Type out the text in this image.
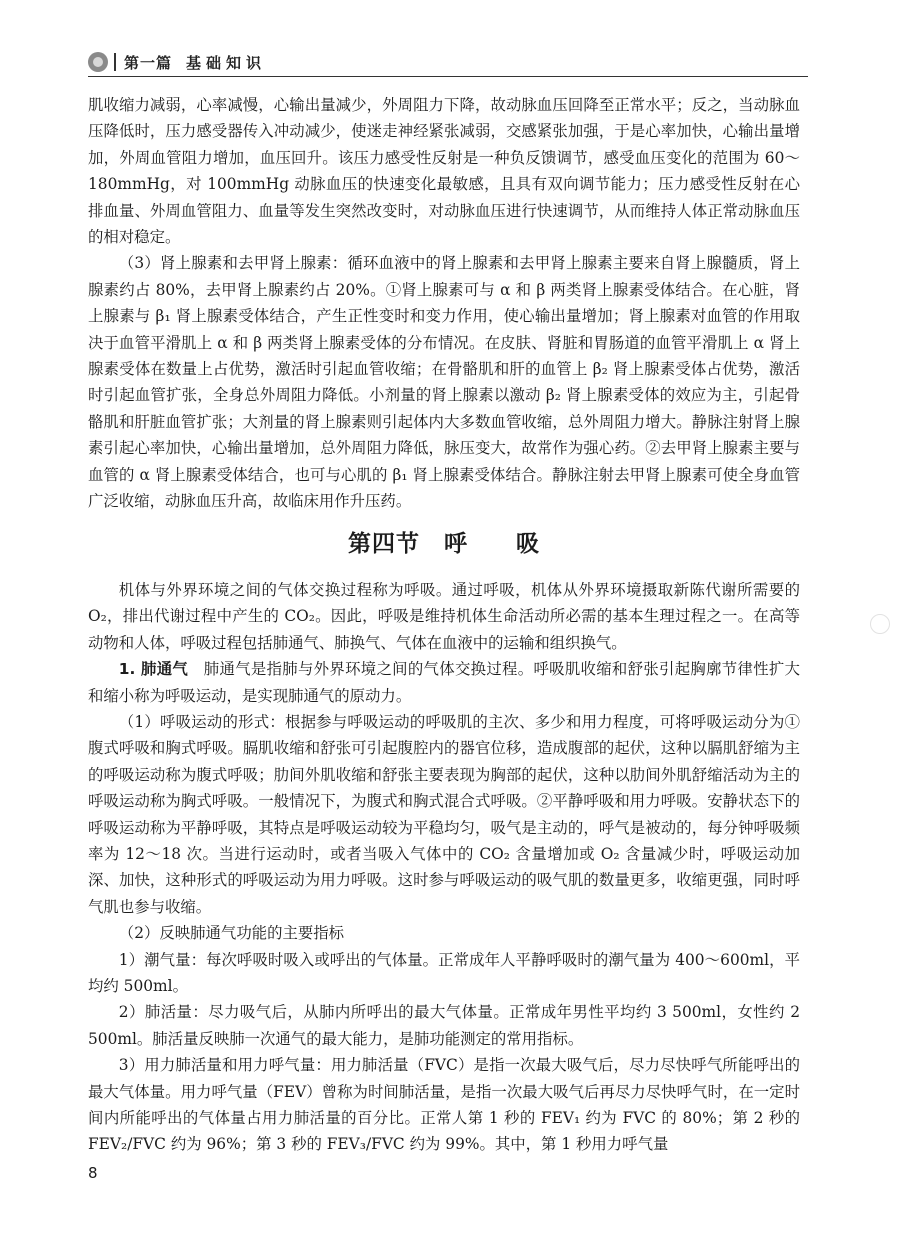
第一篇 基础知识

肌收缩力减弱，心率减慢，心输出量减少，外周阻力下降，故动脉血压回降至正常水平；反之，当动脉血压降低时，压力感受器传入冲动减少，使迷走神经紧张减弱，交感紧张加强，于是心率加快，心输出量增加，外周血管阻力增加，血压回升。该压力感受性反射是一种负反馈调节，感受血压变化的范围为 60～180mmHg，对 100mmHg 动脉血压的快速变化最敏感，且具有双向调节能力；压力感受性反射在心排血量、外周血管阻力、血量等发生突然改变时，对动脉血压进行快速调节，从而维持人体正常动脉血压的相对稳定。

（3）肾上腺素和去甲肾上腺素：循环血液中的肾上腺素和去甲肾上腺素主要来自肾上腺髓质，肾上腺素约占 80%，去甲肾上腺素约占 20%。①肾上腺素可与 α 和 β 两类肾上腺素受体结合。在心脏，肾上腺素与 β₁ 肾上腺素受体结合，产生正性变时和变力作用，使心输出量增加；肾上腺素对血管的作用取决于血管平滑肌上 α 和 β 两类肾上腺素受体的分布情况。在皮肤、肾脏和胃肠道的血管平滑肌上 α 肾上腺素受体在数量上占优势，激活时引起血管收缩；在骨骼肌和肝的血管上 β₂ 肾上腺素受体占优势，激活时引起血管扩张，全身总外周阻力降低。小剂量的肾上腺素以激动 β₂ 肾上腺素受体的效应为主，引起骨骼肌和肝脏血管扩张；大剂量的肾上腺素则引起体内大多数血管收缩，总外周阻力增大。静脉注射肾上腺素引起心率加快，心输出量增加，总外周阻力降低，脉压变大，故常作为强心药。②去甲肾上腺素主要与血管的 α 肾上腺素受体结合，也可与心肌的 β₁ 肾上腺素受体结合。静脉注射去甲肾上腺素可使全身血管广泛收缩，动脉血压升高，故临床用作升压药。

第四节　呼　　吸

机体与外界环境之间的气体交换过程称为呼吸。通过呼吸，机体从外界环境摄取新陈代谢所需要的 O₂，排出代谢过程中产生的 CO₂。因此，呼吸是维持机体生命活动所必需的基本生理过程之一。在高等动物和人体，呼吸过程包括肺通气、肺换气、气体在血液中的运输和组织换气。

1. 肺通气　肺通气是指肺与外界环境之间的气体交换过程。呼吸肌收缩和舒张引起胸廓节律性扩大和缩小称为呼吸运动，是实现肺通气的原动力。

（1）呼吸运动的形式：根据参与呼吸运动的呼吸肌的主次、多少和用力程度，可将呼吸运动分为①腹式呼吸和胸式呼吸。膈肌收缩和舒张可引起腹腔内的器官位移，造成腹部的起伏，这种以膈肌舒缩为主的呼吸运动称为腹式呼吸；肋间外肌收缩和舒张主要表现为胸部的起伏，这种以肋间外肌舒缩活动为主的呼吸运动称为胸式呼吸。一般情况下，为腹式和胸式混合式呼吸。②平静呼吸和用力呼吸。安静状态下的呼吸运动称为平静呼吸，其特点是呼吸运动较为平稳均匀，吸气是主动的，呼气是被动的，每分钟呼吸频率为 12～18 次。当进行运动时，或者当吸入气体中的 CO₂ 含量增加或 O₂ 含量减少时，呼吸运动加深、加快，这种形式的呼吸运动为用力呼吸。这时参与呼吸运动的吸气肌的数量更多，收缩更强，同时呼气肌也参与收缩。

（2）反映肺通气功能的主要指标

1）潮气量：每次呼吸时吸入或呼出的气体量。正常成年人平静呼吸时的潮气量为 400～600ml，平均约 500ml。

2）肺活量：尽力吸气后，从肺内所呼出的最大气体量。正常成年男性平均约 3 500ml，女性约 2 500ml。肺活量反映肺一次通气的最大能力，是肺功能测定的常用指标。

3）用力肺活量和用力呼气量：用力肺活量（FVC）是指一次最大吸气后，尽力尽快呼气所能呼出的最大气体量。用力呼气量（FEV）曾称为时间肺活量，是指一次最大吸气后再尽力尽快呼气时，在一定时间内所能呼出的气体量占用力肺活量的百分比。正常人第 1 秒的 FEV₁ 约为 FVC 的 80%；第 2 秒的 FEV₂/FVC 约为 96%；第 3 秒的 FEV₃/FVC 约为 99%。其中，第 1 秒用力呼气量

8
